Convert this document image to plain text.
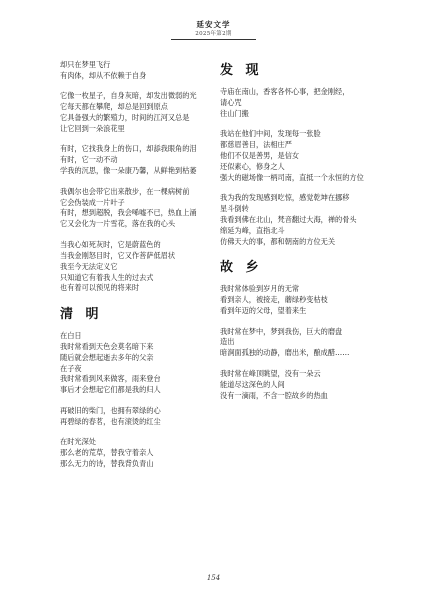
延安文学
2025年第2期
却只在梦里飞行
有肉体，却从不依赖于自身
它像一枚星子，自身灰暗，却发出微弱的光
它每天都在攀爬，却总是回到原点
它具备强大的繁殖力，时间的江河又总是
让它回到一朵浪花里
有时，它找我身上的伤口，却舔我眼角的泪
有时，它一动不动
学我的沉思，像一朵康乃馨，从鲜艳到枯萎
我偶尔也会带它出来散步，在一棵病树前
它会伪装成一片叶子
有时，想到超脱，我会唏嘘不已，热血上涌
它又会化为一片雪花，落在我的心头
当我心如死灰时，它是蔚蓝色的
当我金刚怒目时，它又作菩萨低眉状
我至今无法定义它
只知道它有着我人生的过去式
也有着可以预见的将来时
清 明
在白日
我时常看到天色会莫名暗下来
随后就会想起逝去多年的父亲
在子夜
我时常看到风来做客，雨来登台
事后才会想起它们都是我的归人
再破旧的柴门，也拥有翠绿的心
再碧绿的春茗，也有滚烫的红尘
在时光深处
那么老的荒草，替我守着亲人
那么无力的诗，替我背负青山
发 现
寺庙在南山，香客各怀心事，把金刚经，
请心咒
往山门搬
我站在他们中间，发现每一张脸
都慈眉善目，法相庄严
他们不仅是善男，是信女
还似素心，修身之人
强大的磁场像一柄司南，直抵一个永恒的方位
我为我的发现感到吃惊，感觉乾坤在挪移
星斗倒转
我看到佛在北山，梵音翻过大海，禅的骨头
绵延为峰，直指北斗
仿佛天大的事，都和朝南的方位无关
故 乡
我时常体验到岁月的无常
看到亲人，被接走，蘑绿秒变枯枝
看到年迈的父母，望着来生
我时常在梦中，梦到我伤，巨大的磨盘
造出
暗涧面孤独的动静，磨出米，酿成醋……
我时常在峰顶眺望，没有一朵云
能道尽这深色的人间
没有一滴雨，不含一腔故乡的热血
154
